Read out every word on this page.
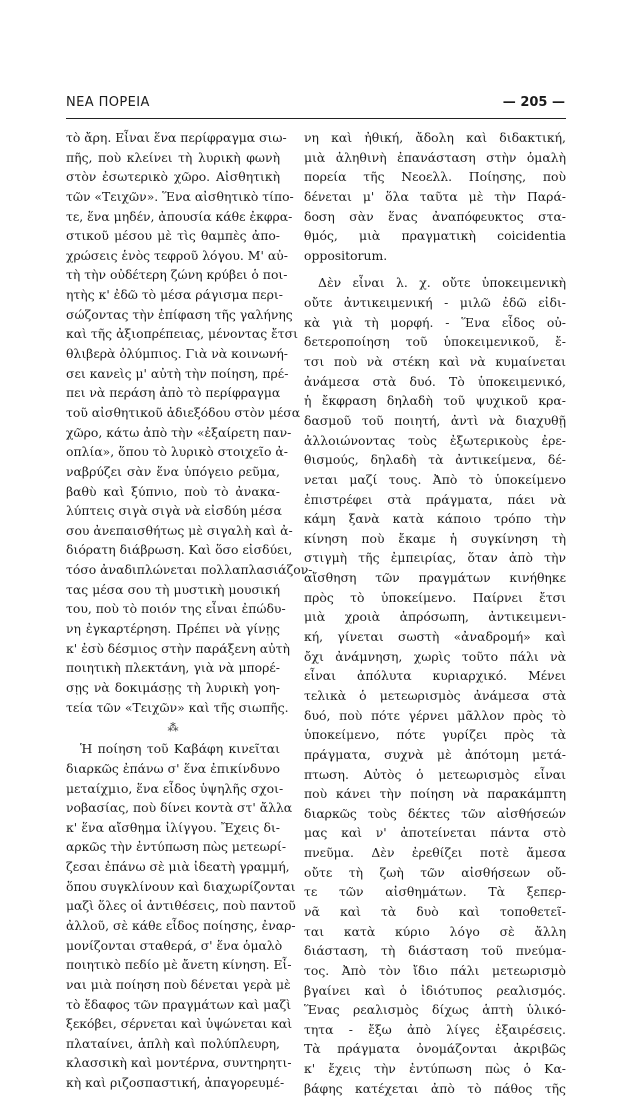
ΝΕΑ ΠΟΡΕΙΑ	— 205 —
τὸ ἄρη. Εἶναι ἕνα περίφραγμα σιω-
πῆς, ποὺ κλείνει τὴ λυρικὴ φωνὴ
στὸν ἐσωτερικὸ χῶρο. Αἰσθητικὴ
τῶν «Τειχῶν». Ἕνα αἰσθητικὸ τίπο-
τε, ἕνα μηδέν, ἀπουσία κάθε ἐκφρα-
στικοῦ μέσου μὲ τὶς θαμπὲς ἀπο-
χρώσεις ἑνὸς τεφροῦ λόγου. Μ' αὐ-
τὴ τὴν οὐδέτερη ζώνη κρύβει ὁ ποι-
ητὴς κ' ἐδῶ τὸ μέσα ράγισμα περι-
σώζοντας τὴν ἐπίφαση τῆς γαλήνης
καὶ τῆς ἀξιοπρέπειας, μένοντας ἔτσι
θλιβερὰ ὀλύμπιος. Γιὰ νὰ κοινωνή-
σει κανεὶς μ' αὐτὴ τὴν ποίηση, πρέ-
πει νὰ περάση ἀπὸ τὸ περίφραγμα
τοῦ αἰσθητικοῦ ἀδιεξόδου στὸν μέσα
χῶρο, κάτω ἀπὸ τὴν «ἐξαίρετη παν-
οπλία», ὅπου τὸ λυρικὸ στοιχεῖο ἀ-
ναβρύζει σὰν ἕνα ὑπόγειο ρεῦμα,
βαθὺ καὶ ξύπνιο, ποὺ τὸ ἀνακα-
λύπτεις σιγὰ σιγὰ νὰ εἰσδύη μέσα
σου ἀνεπαισθήτως μὲ σιγαλὴ καὶ ἀ-
διόρατη διάβρωση. Καὶ ὅσο εἰσδύει,
τόσο ἀναδιπλώνεται πολλαπλασιάζον-
τας μέσα σου τὴ μυστικὴ μουσική
του, ποὺ τὸ ποιόν της εἶναι ἐπώδυ-
νη ἐγκαρτέρηση. Πρέπει νὰ γίνῃς
κ' ἐσὺ δέσμιος στὴν παράξενη αὐτὴ
ποιητικὴ πλεκτάνη, γιὰ νὰ μπορέ-
σῃς νὰ δοκιμάσῃς τὴ λυρικὴ γοη-
τεία τῶν «Τειχῶν» καὶ τῆς σιωπῆς.
⁂
Ἡ ποίηση τοῦ Καβάφη κινεῖται
διαρκῶς ἐπάνω σ' ἕνα ἐπικίνδυνο
μεταίχμιο, ἕνα εἶδος ὑψηλῆς σχοι-
νοβασίας, ποὺ δίνει κοντὰ στ' ἄλλα
κ' ἕνα αἴσθημα ἰλίγγου. Ἔχεις δι-
αρκῶς τὴν ἐντύπωση πὼς μετεωρί-
ζεσαι ἐπάνω σὲ μιὰ ἰδεατὴ γραμμή,
ὅπου συγκλίνουν καὶ διαχωρίζονται
μαζὶ ὅλες οἱ ἀντιθέσεις, ποὺ παντοῦ
ἀλλοῦ, σὲ κάθε εἶδος ποίησης, ἐναρ-
μονίζονται σταθερά, σ' ἕνα ὁμαλὸ
ποιητικὸ πεδίο μὲ ἄνετη κίνηση. Εἶ-
ναι μιὰ ποίηση ποὺ δένεται γερὰ μὲ
τὸ ἔδαφος τῶν πραγμάτων καὶ μαζὶ
ξεκόβει, σέρνεται καὶ ὑψώνεται καὶ
πλαταίνει, ἁπλὴ καὶ πολύπλευρη,
κλασσικὴ καὶ μοντέρνα, συντηρητι-
κὴ καὶ ριζοσπαστική, ἀπαγορευμέ-
νη καὶ ἠθική, ἄδολη καὶ διδακτική,
μιὰ ἀληθινὴ ἐπανάσταση στὴν ὁμαλὴ
πορεία τῆς Νεοελλ. Ποίησης, ποὺ
δένεται μ' ὅλα ταῦτα μὲ τὴν Παρά-
δοση σὰν ἕνας ἀναπόφευκτος στα-
θμός, μιὰ πραγματικὴ coicidentia
oppositorum.
Δὲν εἶναι λ. χ. οὔτε ὑποκειμενικὴ
οὔτε ἀντικειμενική - μιλῶ ἐδῶ εἰδι-
κὰ γιὰ τὴ μορφή. - Ἕνα εἶδος οὐ-
δετεροποίηση τοῦ ὑποκειμενικοῦ, ἔ-
τσι ποὺ νὰ στέκη καὶ νὰ κυμαίνεται
ἀνάμεσα στὰ δυό. Τὸ ὑποκειμενικό,
ἡ ἔκφραση δηλαδὴ τοῦ ψυχικοῦ κρα-
δασμοῦ τοῦ ποιητή, ἀντὶ νὰ διαχυθῇ
ἀλλοιώνοντας τοὺς ἐξωτερικοὺς ἐρε-
θισμούς, δηλαδὴ τὰ ἀντικείμενα, δέ-
νεται μαζί τους. Ἀπὸ τὸ ὑποκείμενο
ἐπιστρέφει στὰ πράγματα, πάει νὰ
κάμη ξανὰ κατὰ κάποιο τρόπο τὴν
κίνηση ποὺ ἔκαμε ἡ συγκίνηση τὴ
στιγμὴ τῆς ἐμπειρίας, ὅταν ἀπὸ τὴν
αἴσθηση τῶν πραγμάτων κινήθηκε
πρὸς τὸ ὑποκείμενο. Παίρνει ἔτσι
μιὰ χροιὰ ἀπρόσωπη, ἀντικειμενι-
κή, γίνεται σωστὴ «ἀναδρομή» καὶ
ὄχι ἀνάμνηση, χωρὶς τοῦτο πάλι νὰ
εἶναι ἀπόλυτα κυριαρχικό. Μένει
τελικὰ ὁ μετεωρισμὸς ἀνάμεσα στὰ
δυό, ποὺ πότε γέρνει μᾶλλον πρὸς τὸ
ὑποκείμενο, πότε γυρίζει πρὸς τὰ
πράγματα, συχνὰ μὲ ἀπότομη μετά-
πτωση. Αὐτὸς ὁ μετεωρισμὸς εἶναι
ποὺ κάνει τὴν ποίηση νὰ παρακάμπτη
διαρκῶς τοὺς δέκτες τῶν αἰσθήσεών
μας καὶ ν' ἀποτείνεται πάντα στὸ
πνεῦμα. Δὲν ἐρεθίζει ποτὲ ἄμεσα
οὔτε τὴ ζωὴ τῶν αἰσθήσεων οὔ-
τε τῶν αἰσθημάτων. Τὰ ξεπερ-
νᾶ καὶ τὰ δυὸ καὶ τοποθετεῖ-
ται κατὰ κύριο λόγο σὲ ἄλλη
διάσταση, τὴ διάσταση τοῦ πνεύμα-
τος. Ἀπὸ τὸν ἴδιο πάλι μετεωρισμὸ
βγαίνει καὶ ὁ ἰδιότυπος ρεαλισμός.
Ἕνας ρεαλισμὸς δίχως ἁπτὴ ὑλικό-
τητα - ἔξω ἀπὸ λίγες ἐξαιρέσεις.
Τὰ πράγματα ὀνομάζονται ἀκριβῶς
κ' ἔχεις τὴν ἐντύπωση πὼς ὁ Κα-
βάφης κατέχεται ἀπὸ τὸ πάθος τῆς
